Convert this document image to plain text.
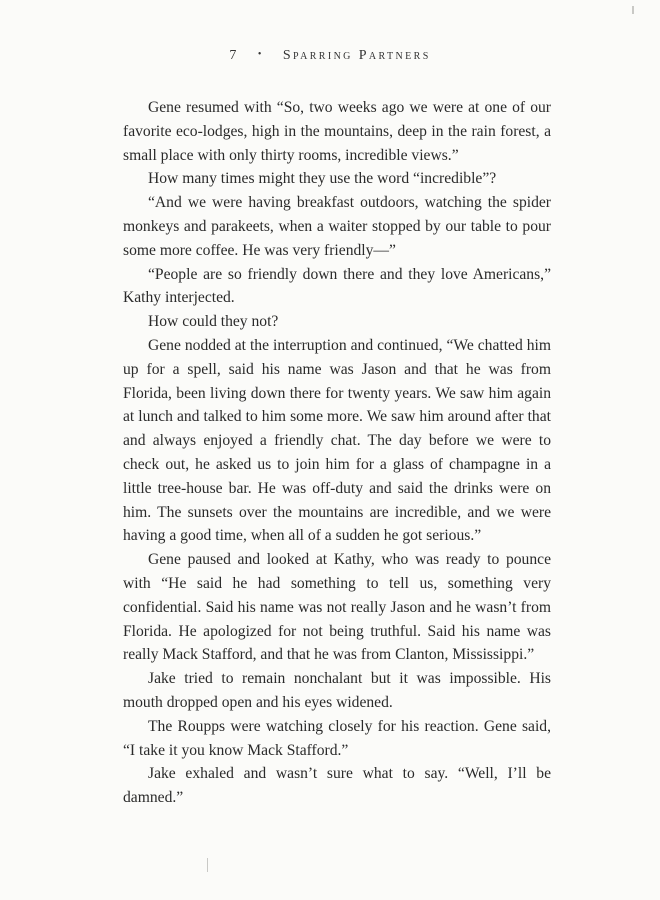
7 • Sparring Partners

Gene resumed with “So, two weeks ago we were at one of our favorite eco-lodges, high in the mountains, deep in the rain forest, a small place with only thirty rooms, incredible views.”

How many times might they use the word “incredible”?

“And we were having breakfast outdoors, watching the spider monkeys and parakeets, when a waiter stopped by our table to pour some more coffee. He was very friendly—”

“People are so friendly down there and they love Americans,” Kathy interjected.

How could they not?

Gene nodded at the interruption and continued, “We chatted him up for a spell, said his name was Jason and that he was from Florida, been living down there for twenty years. We saw him again at lunch and talked to him some more. We saw him around after that and always enjoyed a friendly chat. The day before we were to check out, he asked us to join him for a glass of champagne in a little tree-house bar. He was off-duty and said the drinks were on him. The sunsets over the mountains are incredible, and we were having a good time, when all of a sudden he got serious.”

Gene paused and looked at Kathy, who was ready to pounce with “He said he had something to tell us, something very confidential. Said his name was not really Jason and he wasn’t from Florida. He apologized for not being truthful. Said his name was really Mack Stafford, and that he was from Clanton, Mississippi.”

Jake tried to remain nonchalant but it was impossible. His mouth dropped open and his eyes widened.

The Roupps were watching closely for his reaction. Gene said, “I take it you know Mack Stafford.”

Jake exhaled and wasn’t sure what to say. “Well, I’ll be damned.”
